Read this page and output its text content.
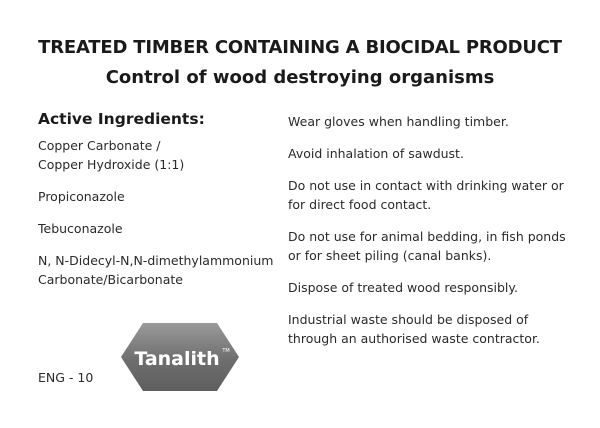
TREATED TIMBER CONTAINING A BIOCIDAL PRODUCT
Control of wood destroying organisms
Active Ingredients:
Copper Carbonate /
Copper Hydroxide (1:1)
Propiconazole
Tebuconazole
N, N-Didecyl-N,N-dimethylammonium
Carbonate/Bicarbonate
Wear gloves when handling timber.
Avoid inhalation of sawdust.
Do not use in contact with drinking water or
for direct food contact.
Do not use for animal bedding, in fish ponds
or for sheet piling (canal banks).
Dispose of treated wood responsibly.
Industrial waste should be disposed of
through an authorised waste contractor.
ENG - 10
Tanalith TM
